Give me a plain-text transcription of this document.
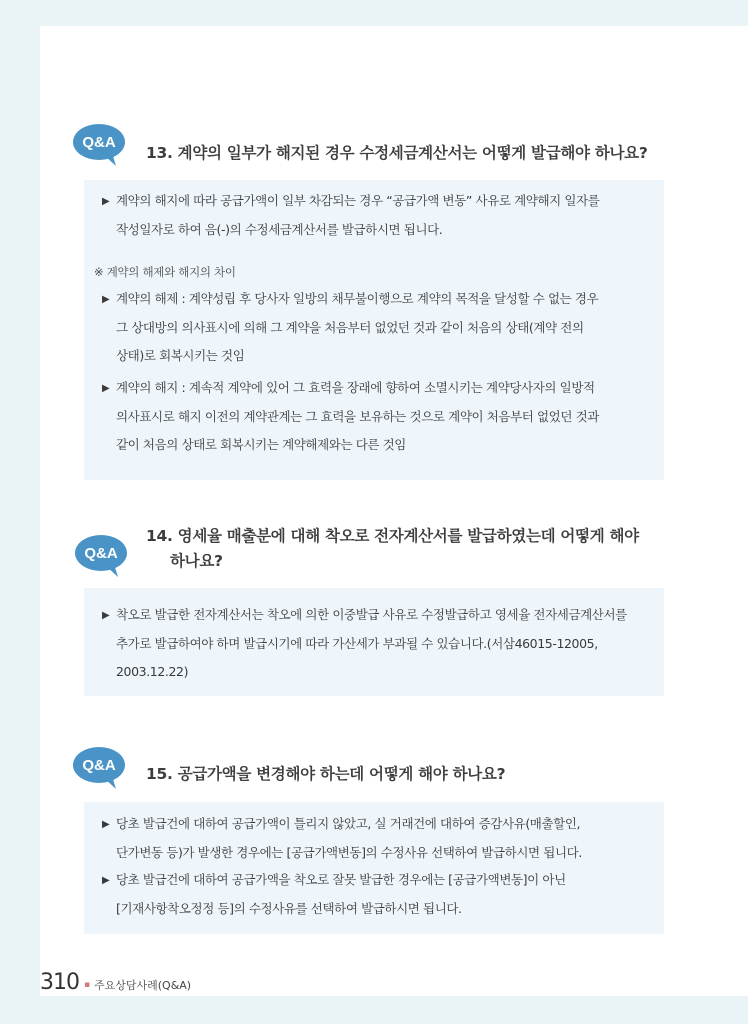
Q&A
13. 계약의 일부가 해지된 경우 수정세금계산서는 어떻게 발급해야 하나요?
▶ 계약의 해지에 따라 공급가액이 일부 차감되는 경우 “공급가액 변동” 사유로 계약해지 일자를
작성일자로 하여 음(-)의 수정세금계산서를 발급하시면 됩니다.
※ 계약의 해제와 해지의 차이
▶ 계약의 해제 : 계약성립 후 당사자 일방의 채무불이행으로 계약의 목적을 달성할 수 없는 경우
그 상대방의 의사표시에 의해 그 계약을 처음부터 없었던 것과 같이 처음의 상태(계약 전의
상태)로 회복시키는 것임
▶ 계약의 해지 : 계속적 계약에 있어 그 효력을 장래에 향하여 소멸시키는 계약당사자의 일방적
의사표시로 해지 이전의 계약관계는 그 효력을 보유하는 것으로 계약이 처음부터 없었던 것과
같이 처음의 상태로 회복시키는 계약해제와는 다른 것임
Q&A
14. 영세율 매출분에 대해 착오로 전자계산서를 발급하였는데 어떻게 해야
하나요?
▶ 착오로 발급한 전자계산서는 착오에 의한 이중발급 사유로 수정발급하고 영세율 전자세금계산서를
추가로 발급하여야 하며 발급시기에 따라 가산세가 부과될 수 있습니다.(서삼46015-12005,
2003.12.22)
Q&A 15. 공급가액을 변경해야 하는데 어떻게 해야 하나요?
▶ 당초 발급건에 대하여 공급가액이 틀리지 않았고, 실 거래건에 대하여 증감사유(매출할인,
단가변동 등)가 발생한 경우에는 [공급가액변동]의 수정사유 선택하여 발급하시면 됩니다.
▶ 당초 발급건에 대하여 공급가액을 착오로 잘못 발급한 경우에는 [공급가액변동]이 아닌
[기재사항착오정정 등]의 수정사유를 선택하여 발급하시면 됩니다.
310 ▪ 주요상담사례(Q&A)
